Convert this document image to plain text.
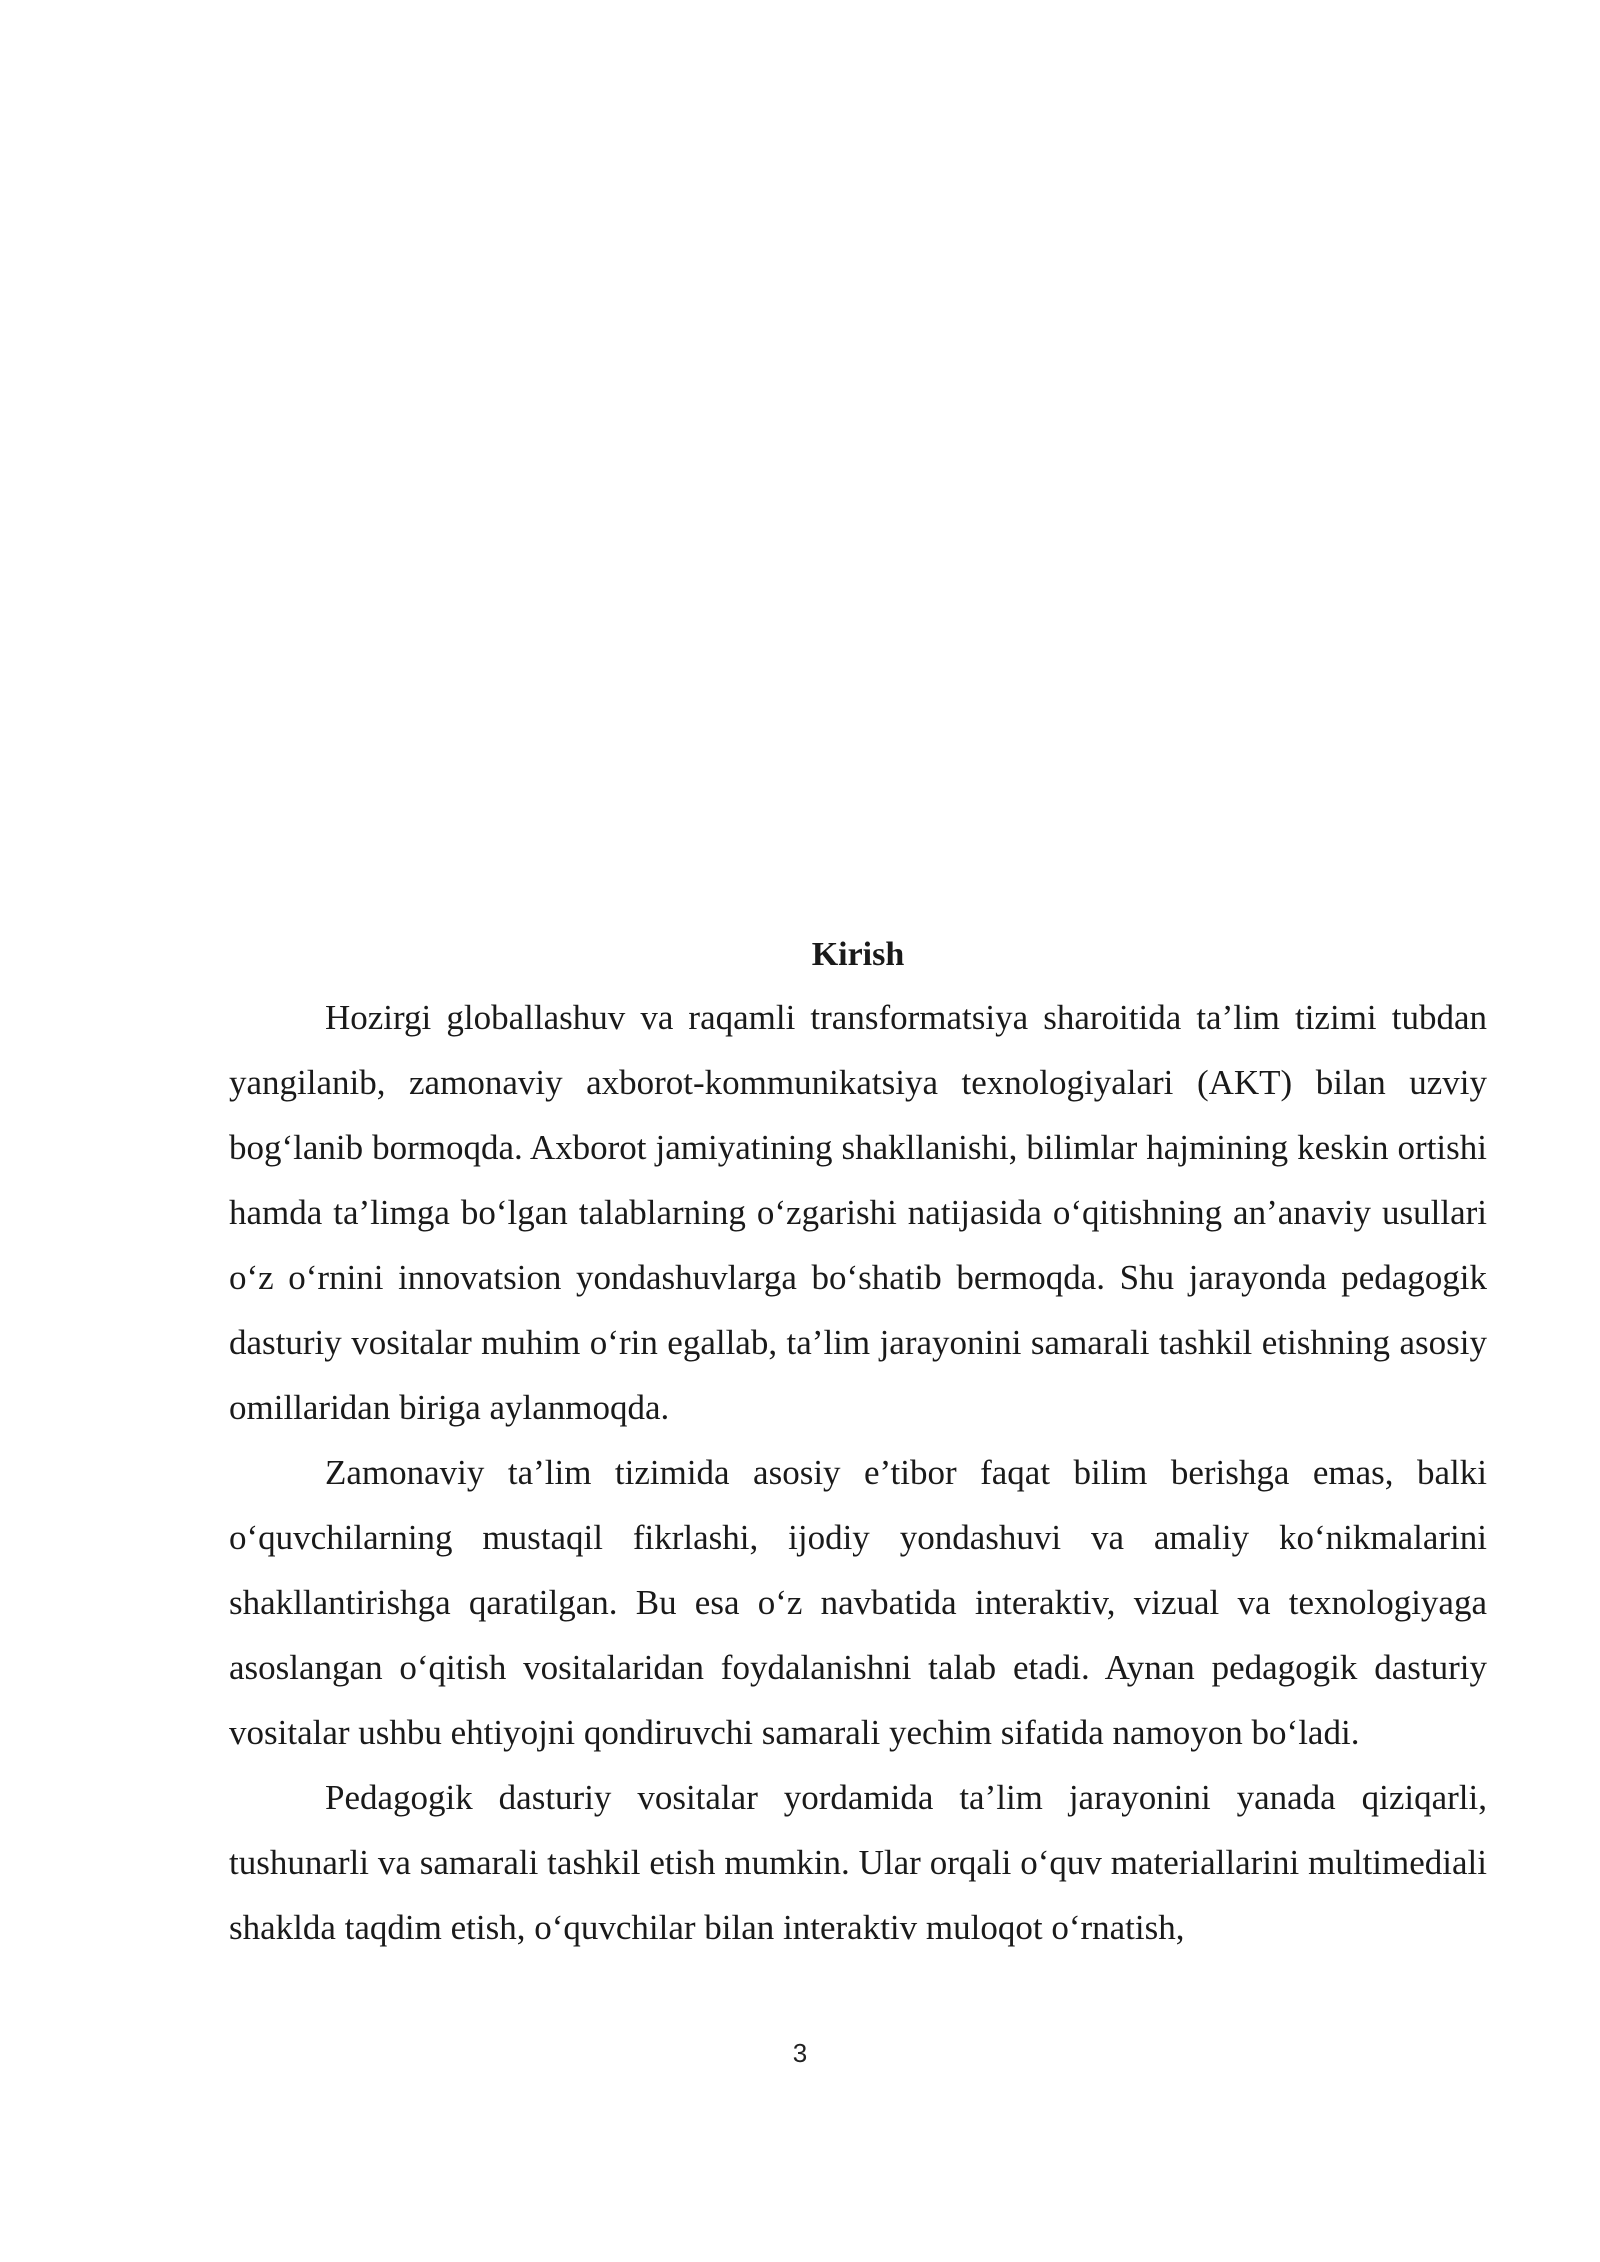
Kirish

Hozirgi globallashuv va raqamli transformatsiya sharoitida ta’lim tizimi tubdan yangilanib, zamonaviy axborot-kommunikatsiya texnologiyalari (AKT) bilan uzviy bog‘lanib bormoqda. Axborot jamiyatining shakllanishi, bilimlar hajmining keskin ortishi hamda ta’limga bo‘lgan talablarning o‘zgarishi natijasida o‘qitishning an’anaviy usullari o‘z o‘rnini innovatsion yondashuvlarga bo‘shatib bermoqda. Shu jarayonda pedagogik dasturiy vositalar muhim o‘rin egallab, ta’lim jarayonini samarali tashkil etishning asosiy omillaridan biriga aylanmoqda.

Zamonaviy ta’lim tizimida asosiy e’tibor faqat bilim berishga emas, balki o‘quvchilarning mustaqil fikrlashi, ijodiy yondashuvi va amaliy ko‘nikmalarini shakllantirishga qaratilgan. Bu esa o‘z navbatida interaktiv, vizual va texnologiyaga asoslangan o‘qitish vositalaridan foydalanishni talab etadi. Aynan pedagogik dasturiy vositalar ushbu ehtiyojni qondiruvchi samarali yechim sifatida namoyon bo‘ladi.

Pedagogik dasturiy vositalar yordamida ta’lim jarayonini yanada qiziqarli, tushunarli va samarali tashkil etish mumkin. Ular orqali o‘quv materiallarini multimediali shaklda taqdim etish, o‘quvchilar bilan interaktiv muloqot o‘rnatish,

3
